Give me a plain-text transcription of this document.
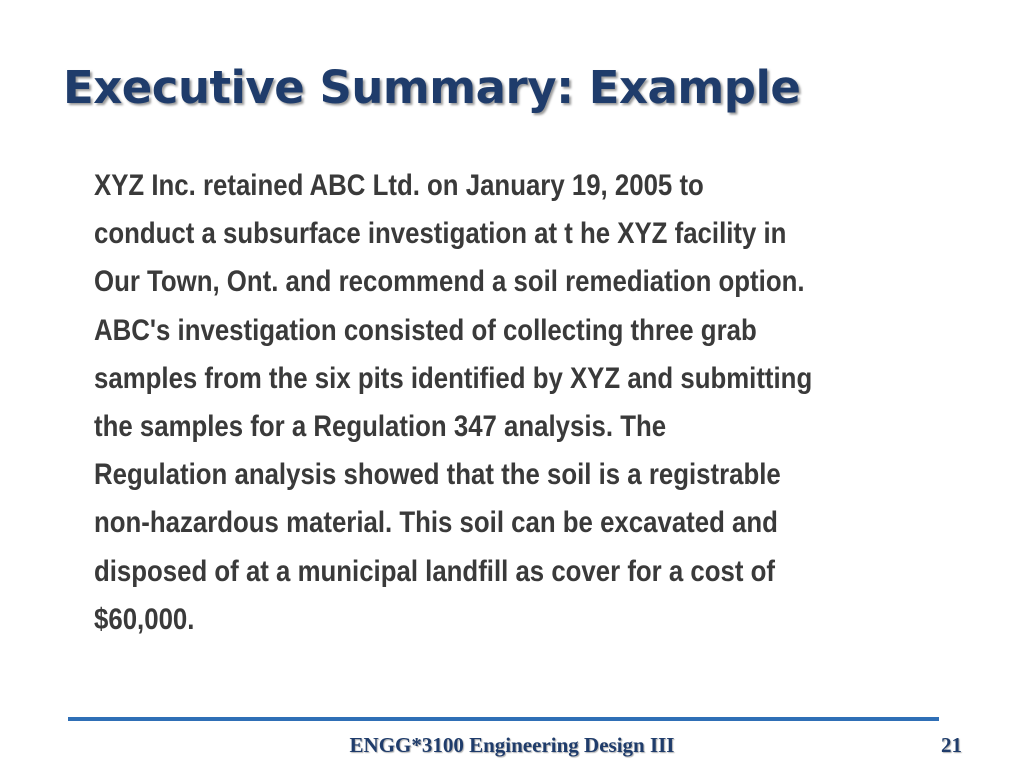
Executive Summary: Example
XYZ Inc. retained ABC Ltd. on January 19, 2005 to
conduct a subsurface investigation at t he XYZ facility in
Our Town, Ont. and recommend a soil remediation option.
ABC's investigation consisted of collecting three grab
samples from the six pits identified by XYZ and submitting
the samples for a Regulation 347 analysis. The
Regulation analysis showed that the soil is a registrable
non-hazardous material. This soil can be excavated and
disposed of at a municipal landfill as cover for a cost of
$60,000.
ENGG*3100 Engineering Design III	21
